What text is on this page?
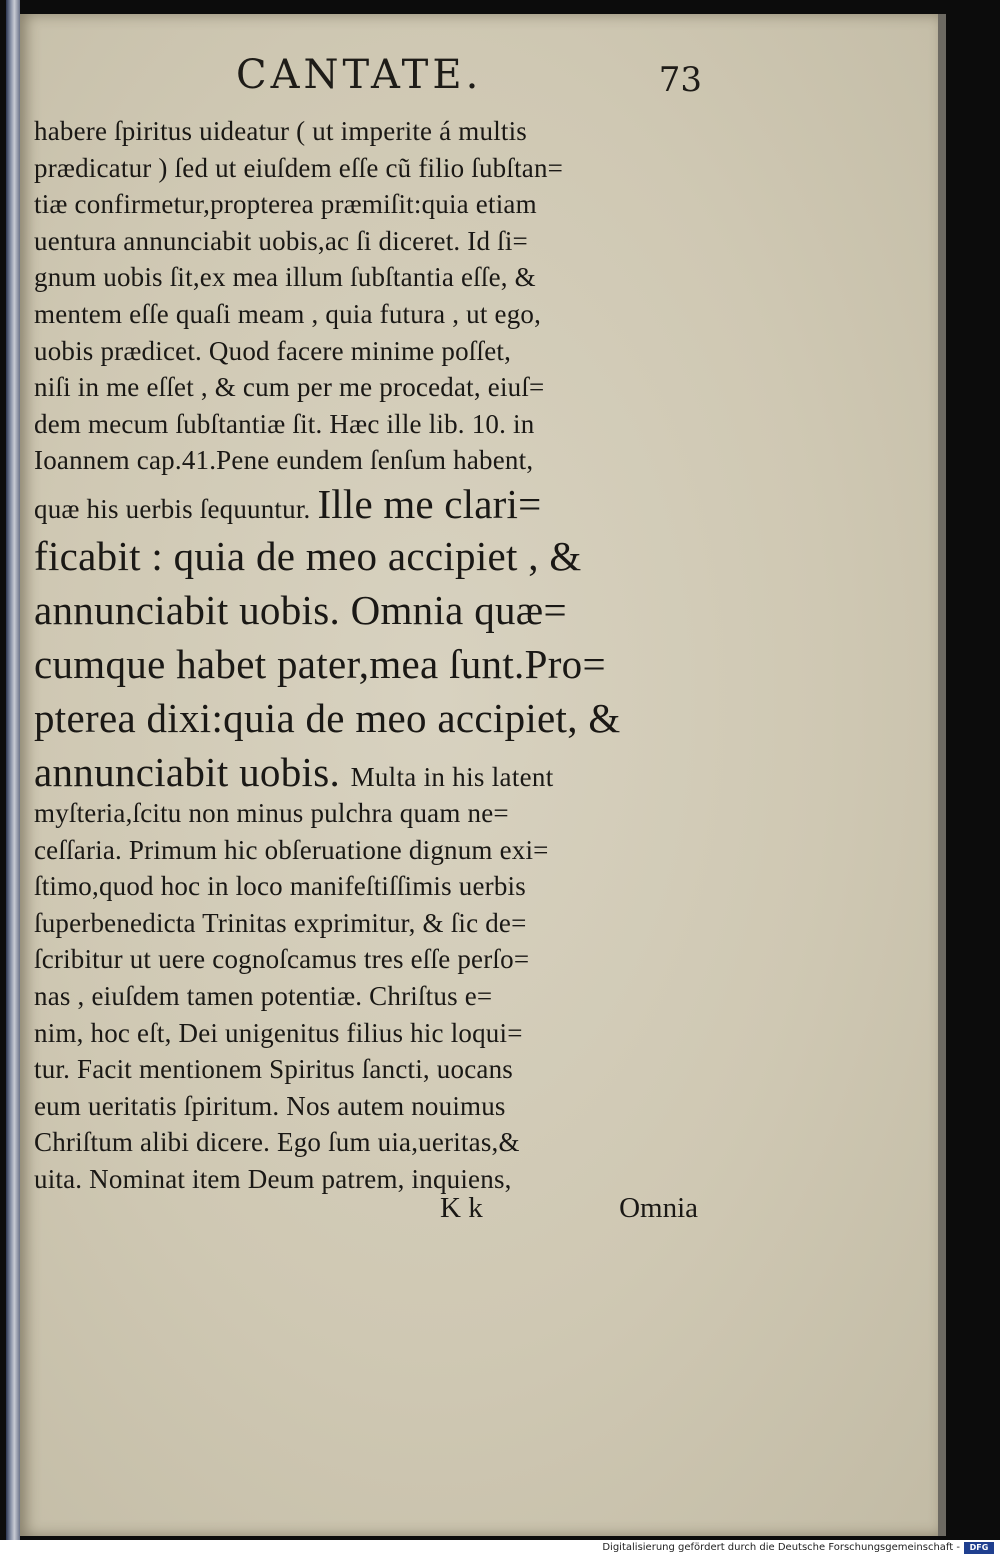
CANTATE.	73
habere ſpiritus uideatur ( ut imperite á multis
prædicatur ) ſed ut eiuſdem eſſe cũ filio ſubſtan=
tiæ confirmetur,propterea præmiſit:quia etiam
uentura annunciabit uobis,ac ſi diceret. Id ſi=
gnum uobis ſit,ex mea illum ſubſtantia eſſe, &
mentem eſſe quaſi meam , quia futura , ut ego,
uobis prædicet. Quod facere minime poſſet,
niſi in me eſſet , & cum per me procedat, eiuſ=
dem mecum ſubſtantiæ ſit. Hæc ille lib. 10. in
Ioannem cap.41.Pene eundem ſenſum habent,
quæ his uerbis ſequuntur. Ille me clari=
ficabit : quia de meo accipiet , &
annunciabit uobis. Omnia quæ=
cumque habet pater,mea ſunt.Pro=
pterea dixi:quia de meo accipiet, &
annunciabit uobis. Multa in his latent
myſteria,ſcitu non minus pulchra quam ne=
ceſſaria. Primum hic obſeruatione dignum exi=
ſtimo,quod hoc in loco manifeſtiſſimis uerbis
ſuperbenedicta Trinitas exprimitur, & ſic de=
ſcribitur ut uere cognoſcamus tres eſſe perſo=
nas , eiuſdem tamen potentiæ. Chriſtus e=
nim, hoc eſt, Dei unigenitus filius hic loqui=
tur. Facit mentionem Spiritus ſancti, uocans
eum ueritatis ſpiritum. Nos autem nouimus
Chriſtum alibi dicere. Ego ſum uia,ueritas,&
uita. Nominat item Deum patrem, inquiens,
K k	Omnia
Digitalisierung gefördert durch die Deutsche Forschungsgemeinschaft -	DFG
